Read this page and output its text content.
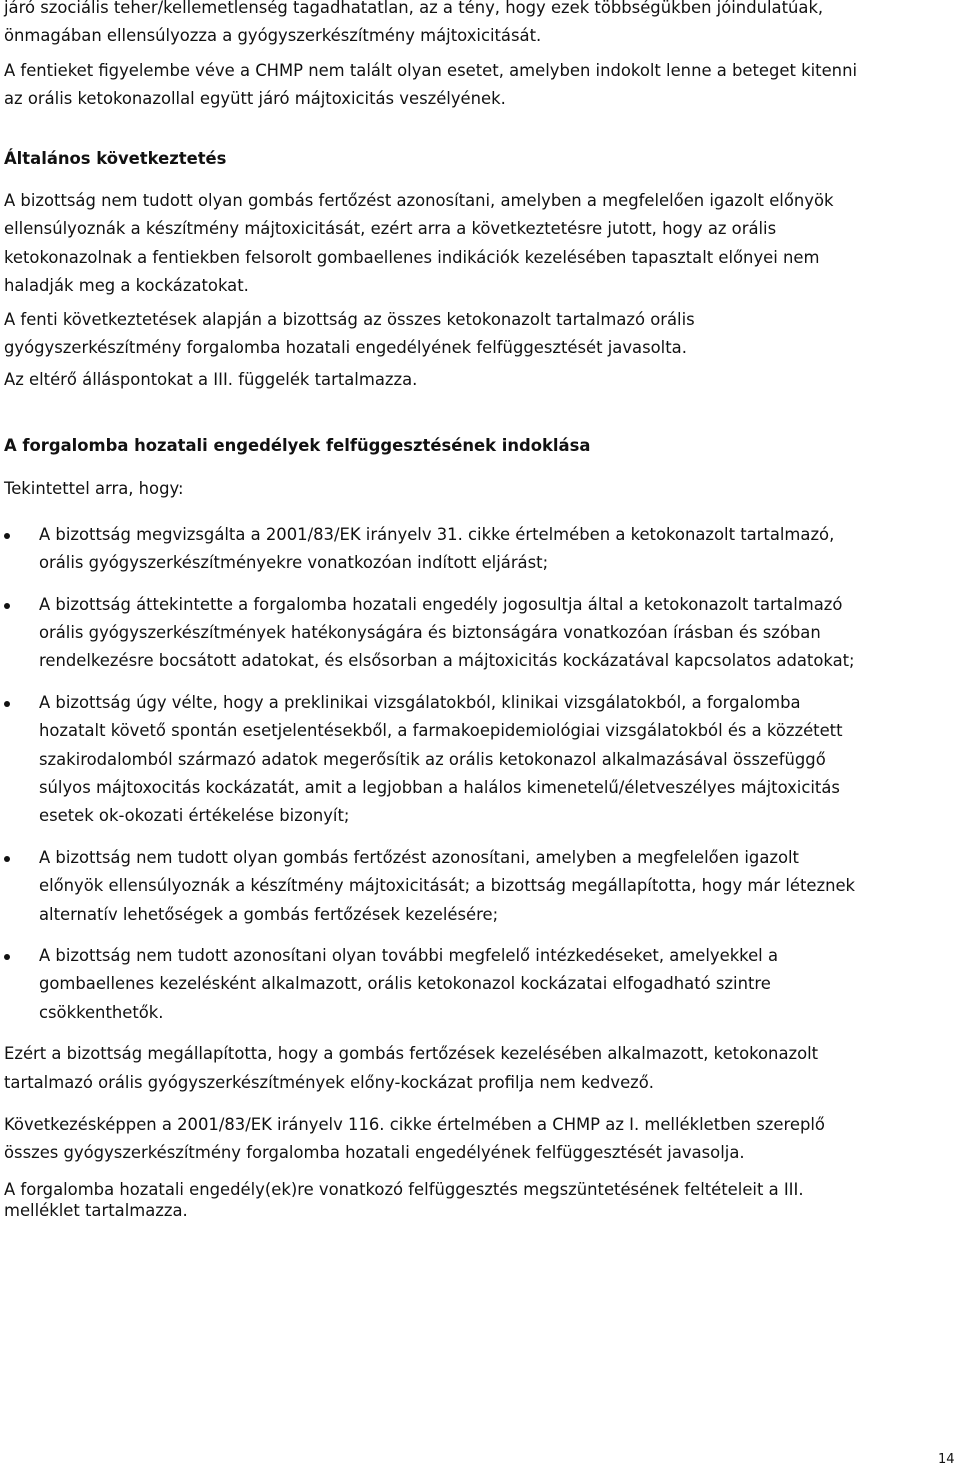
járó szociális teher/kellemetlenség tagadhatatlan, az a tény, hogy ezek többségükben jóindulatúak,
önmagában ellensúlyozza a gyógyszerkészítmény májtoxicitását.

A fentieket figyelembe véve a CHMP nem talált olyan esetet, amelyben indokolt lenne a beteget kitenni
az orális ketokonazollal együtt járó májtoxicitás veszélyének.

Általános következtetés

A bizottság nem tudott olyan gombás fertőzést azonosítani, amelyben a megfelelően igazolt előnyök
ellensúlyoznák a készítmény májtoxicitását, ezért arra a következtetésre jutott, hogy az orális
ketokonazolnak a fentiekben felsorolt gombaellenes indikációk kezelésében tapasztalt előnyei nem
haladják meg a kockázatokat.

A fenti következtetések alapján a bizottság az összes ketokonazolt tartalmazó orális
gyógyszerkészítmény forgalomba hozatali engedélyének felfüggesztését javasolta.

Az eltérő álláspontokat a III. függelék tartalmazza.

A forgalomba hozatali engedélyek felfüggesztésének indoklása

Tekintettel arra, hogy:

A bizottság megvizsgálta a 2001/83/EK irányelv 31. cikke értelmében a ketokonazolt tartalmazó,
orális gyógyszerkészítményekre vonatkozóan indított eljárást;
A bizottság áttekintette a forgalomba hozatali engedély jogosultja által a ketokonazolt tartalmazó
orális gyógyszerkészítmények hatékonyságára és biztonságára vonatkozóan írásban és szóban
rendelkezésre bocsátott adatokat, és elsősorban a májtoxicitás kockázatával kapcsolatos adatokat;
A bizottság úgy vélte, hogy a preklinikai vizsgálatokból, klinikai vizsgálatokból, a forgalomba
hozatalt követő spontán esetjelentésekből, a farmakoepidemiológiai vizsgálatokból és a közzétett
szakirodalomból származó adatok megerősítik az orális ketokonazol alkalmazásával összefüggő
súlyos májtoxocitás kockázatát, amit a legjobban a halálos kimenetelű/életveszélyes májtoxicitás
esetek ok-okozati értékelése bizonyít;
A bizottság nem tudott olyan gombás fertőzést azonosítani, amelyben a megfelelően igazolt
előnyök ellensúlyoznák a készítmény májtoxicitását; a bizottság megállapította, hogy már léteznek
alternatív lehetőségek a gombás fertőzések kezelésére;
A bizottság nem tudott azonosítani olyan további megfelelő intézkedéseket, amelyekkel a
gombaellenes kezelésként alkalmazott, orális ketokonazol kockázatai elfogadható szintre
csökkenthetők.

Ezért a bizottság megállapította, hogy a gombás fertőzések kezelésében alkalmazott, ketokonazolt
tartalmazó orális gyógyszerkészítmények előny-kockázat profilja nem kedvező.

Következésképpen a 2001/83/EK irányelv 116. cikke értelmében a CHMP az I. mellékletben szereplő
összes gyógyszerkészítmény forgalomba hozatali engedélyének felfüggesztését javasolja.

A forgalomba hozatali engedély(ek)re vonatkozó felfüggesztés megszüntetésének feltételeit a III.
melléklet tartalmazza.

14
